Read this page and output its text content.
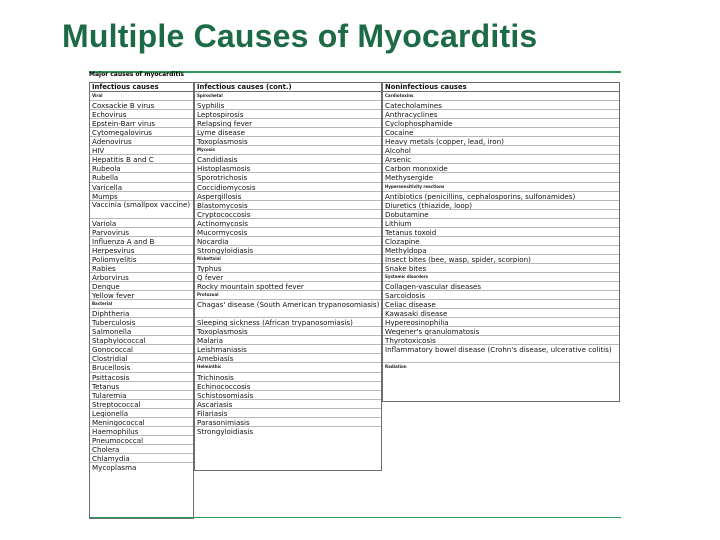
Multiple Causes of Myocarditis
Major causes of myocarditis
Infectious causes
Viral
Coxsackie B virus
Echovirus
Epstein-Barr virus
Cytomegalovirus
Adenovirus
HIV
Hepatitis B and C
Rubeola
Rubella
Varicella
Mumps
Vaccinia (smallpox vaccine)
Variola
Parvovirus
Influenza A and B
Herpesvirus
Poliomyelitis
Rabies
Arborvirus
Dengue
Yellow fever
Bacterial
Diphtheria
Tuberculosis
Salmonella
Staphylococcal
Gonococcal
Clostridial
Brucellosis
Psittacosis
Tetanus
Tularemia
Streptococcal
Legionella
Meningococcal
Haemophilus
Pneumococcal
Cholera
Chlamydia
Mycoplasma
Infectious causes (cont.)
Spirochetal
Syphilis
Leptospirosis
Relapsing fever
Lyme disease
Toxoplasmosis
Mycosis
Candidiasis
Histoplasmosis
Sporotrichosis
Coccidiomycosis
Aspergillosis
Blastomycosis
Cryptococcosis
Actinomycosis
Mucormycosis
Nocardia
Strongyloidiasis
Rickettsial
Typhus
Q fever
Rocky mountain spotted fever
Protozoal
Chagas' disease (South American trypanosomiasis)
Sleeping sickness (African trypanosomiasis)
Toxoplasmosis
Malaria
Leishmaniasis
Amebiasis
Helminthic
Trichinosis
Echinococcosis
Schistosomiasis
Ascariasis
Filariasis
Parasonimiasis
Strongyloidiasis
Noninfectious causes
Cardiotoxins
Catecholamines
Anthracyclines
Cyclophosphamide
Cocaine
Heavy metals (copper, lead, iron)
Alcohol
Arsenic
Carbon monoxide
Methysergide
Hypersensitivity reactions
Antibiotics (penicillins, cephalosporins, sulfonamides)
Diuretics (thiazide, loop)
Dobutamine
Lithium
Tetanus toxoid
Clozapine
Methyldopa
Insect bites (bee, wasp, spider, scorpion)
Snake bites
Systemic disorders
Collagen-vascular diseases
Sarcoidosis
Celiac disease
Kawasaki disease
Hypereosinophilia
Wegener's granulomatosis
Thyrotoxicosis
Inflammatory bowel disease (Crohn's disease, ulcerative colitis)
Radiation
